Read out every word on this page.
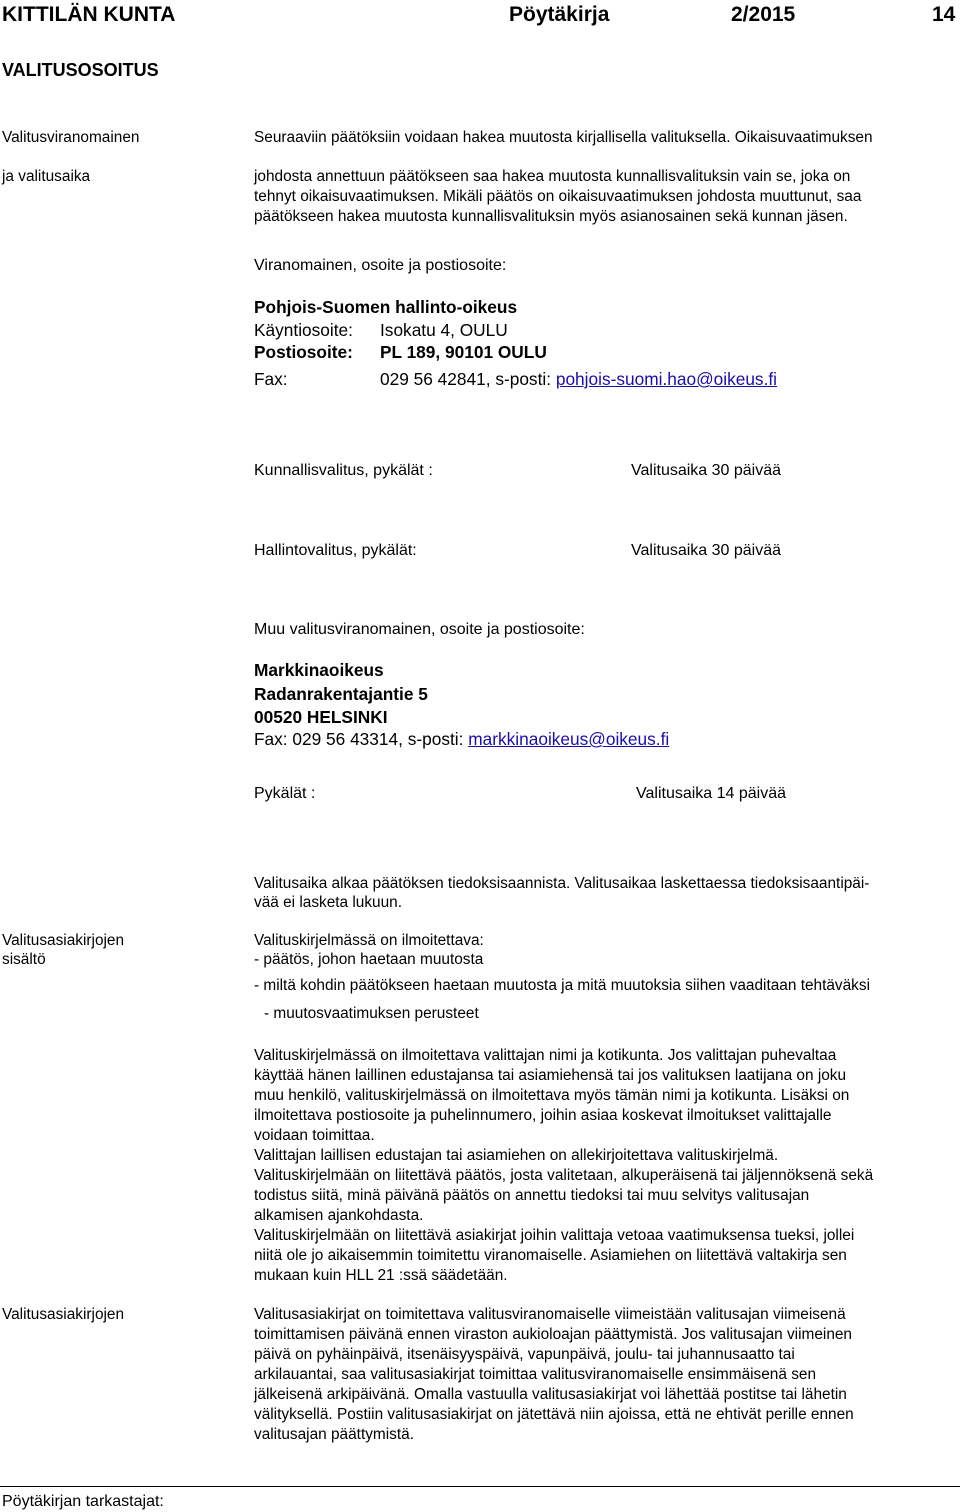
KITTILÄN KUNTA	Pöytäkirja	2/2015	14
VALITUSOSOITUS
Valitusviranomainen
ja valitusaika
Seuraaviin päätöksiin voidaan hakea muutosta kirjallisella valituksella. Oikaisuvaatimuksen
johdosta annettuun päätökseen saa hakea muutosta kunnallisvalituksin vain se, joka on
tehnyt oikaisuvaatimuksen. Mikäli päätös on oikaisuvaatimuksen johdosta muuttunut, saa
päätökseen hakea muutosta kunnallisvalituksin myös asianosainen sekä kunnan jäsen.
Viranomainen, osoite ja postiosoite:
Pohjois-Suomen hallinto-oikeus
Käyntiosoite: Isokatu 4, OULU
Postiosoite: PL 189, 90101 OULU
Fax:	029 56 42841, s-posti: pohjois-suomi.hao@oikeus.fi
Kunnallisvalitus, pykälät :	Valitusaika 30 päivää
Hallintovalitus, pykälät:	Valitusaika 30 päivää
Muu valitusviranomainen, osoite ja postiosoite:
Markkinaoikeus
Radanrakentajantie 5
00520 HELSINKI
Fax: 029 56 43314, s-posti: markkinaoikeus@oikeus.fi
Pykälät :	Valitusaika 14 päivää
Valitusaika alkaa päätöksen tiedoksisaannista. Valitusaikaa laskettaessa tiedoksisaantipäi-
vää ei lasketa lukuun.
Valitusasiakirjojen
sisältö
Valituskirjelmässä on ilmoitettava:
- päätös, johon haetaan muutosta
- miltä kohdin päätökseen haetaan muutosta ja mitä muutoksia siihen vaaditaan tehtäväksi
- muutosvaatimuksen perusteet
Valituskirjelmässä on ilmoitettava valittajan nimi ja kotikunta. Jos valittajan puhevaltaa
käyttää hänen laillinen edustajansa tai asiamiehensä tai jos valituksen laatijana on joku
muu henkilö, valituskirjelmässä on ilmoitettava myös tämän nimi ja kotikunta. Lisäksi on
ilmoitettava postiosoite ja puhelinnumero, joihin asiaa koskevat ilmoitukset valittajalle
voidaan toimittaa.
Valittajan laillisen edustajan tai asiamiehen on allekirjoitettava valituskirjelmä.
Valituskirjelmään on liitettävä päätös, josta valitetaan, alkuperäisenä tai jäljennöksenä sekä
todistus siitä, minä päivänä päätös on annettu tiedoksi tai muu selvitys valitusajan
alkamisen ajankohdasta.
Valituskirjelmään on liitettävä asiakirjat joihin valittaja vetoaa vaatimuksensa tueksi, jollei
niitä ole jo aikaisemmin toimitettu viranomaiselle. Asiamiehen on liitettävä valtakirja sen
mukaan kuin HLL 21 :ssä säädetään.
Valitusasiakirjojen	Valitusasiakirjat on toimitettava valitusviranomaiselle viimeistään valitusajan viimeisenä
toimittamisen päivänä ennen viraston aukioloajan päättymistä. Jos valitusajan viimeinen
päivä on pyhäinpäivä, itsenäisyyspäivä, vapunpäivä, joulu- tai juhannusaatto tai
arkilauantai, saa valitusasiakirjat toimittaa valitusviranomaiselle ensimmäisenä sen
jälkeisenä arkipäivänä. Omalla vastuulla valitusasiakirjat voi lähettää postitse tai lähetin
välityksellä. Postiin valitusasiakirjat on jätettävä niin ajoissa, että ne ehtivät perille ennen
valitusajan päättymistä.
Pöytäkirjan tarkastajat:
